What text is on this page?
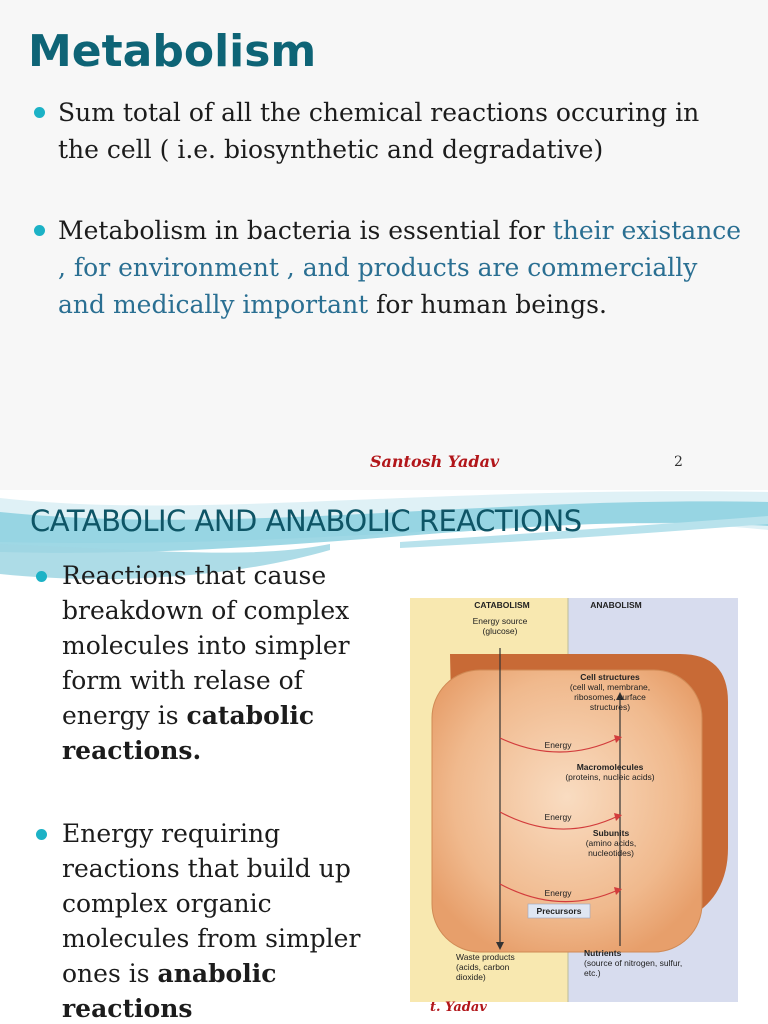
Metabolism
Sum total of all the chemical reactions occuring in the cell ( i.e. biosynthetic and degradative)
Metabolism in bacteria is essential for their existance , for environment , and products are commercially and medically important for human beings.
Santosh Yadav	2
CATABOLIC AND ANABOLIC REACTIONS
Reactions that cause breakdown of complex molecules into simpler form with relase of energy is catabolic reactions.
Energy requiring reactions that build up complex organic molecules from simpler ones is anabolic reactions
CATABOLISM	ANABOLISM
Energy source
(glucose)
Cell structures
(cell wall, membrane, ribosomes, surface structures)
Energy
Macromolecules
(proteins, nucleic acids)
Energy
Subunits
(amino acids, nucleotides)
Energy
Precursors
Waste products
(acids, carbon dioxide)
Nutrients
(source of nitrogen, sulfur, etc.)
t. Yadav
